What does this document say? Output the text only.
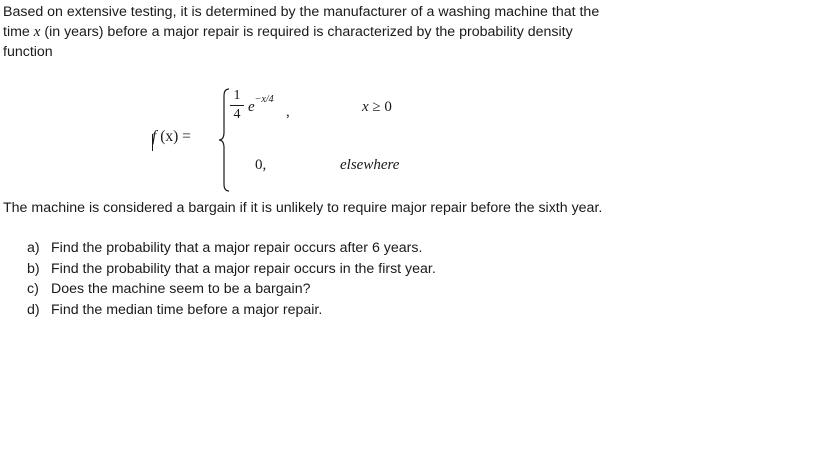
Based on extensive testing, it is determined by the manufacturer of a washing machine that the time x (in years) before a major repair is required is characterized by the probability density function

f (x) =
1
4 $e^{-x/4}$
,	x ≥ 0
0,	elsewhere

The machine is considered a bargain if it is unlikely to require major repair before the sixth year.

a) Find the probability that a major repair occurs after 6 years.
b) Find the probability that a major repair occurs in the first year.
c) Does the machine seem to be a bargain?
d) Find the median time before a major repair.
